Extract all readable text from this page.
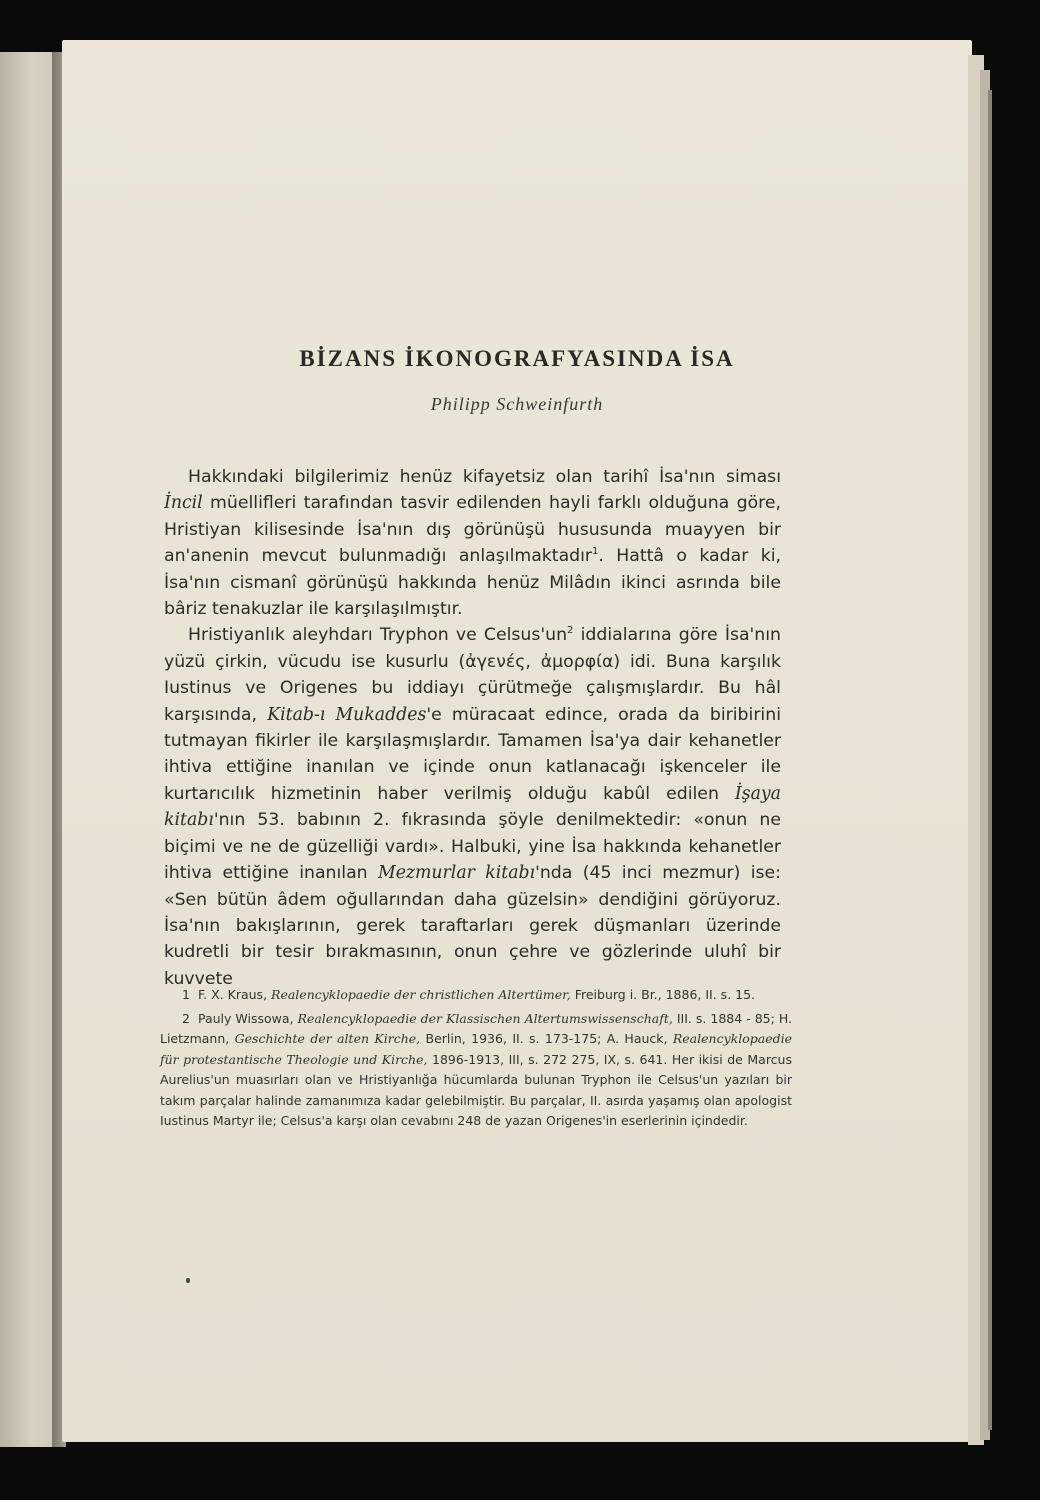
BİZANS İKONOGRAFYASINDA İSA
Philipp Schweinfurth

Hakkındaki bilgilerimiz henüz kifayetsiz olan tarihî İsa'nın siması İncil müellifleri tarafından tasvir edilenden hayli farklı olduğuna göre, Hristiyan kilisesinde İsa'nın dış görünüşü hususunda muayyen bir an'anenin mevcut bulunmadığı anlaşılmaktadır$^1$. Hattâ o kadar ki, İsa'nın cismanî görünüşü hakkında henüz Milâdın ikinci asrında bile bâriz tenakuzlar ile karşılaşılmıştır.

Hristiyanlık aleyhdarı Tryphon ve $Celsus'un^2$ iddialarına göre İsa'nın yüzü çirkin, vücudu ise kusurlu (ἀγενές, ἀμορφία) idi. Buna karşılık Iustinus ve Origenes bu iddiayı çürütmeğe çalışmışlardır. Bu hâl karşısında, Kitab-ı Mukaddes'e müracaat edince, orada da biribirini tutmayan fikirler ile karşılaşmışlardır. Tamamen İsa'ya dair kehanetler ihtiva ettiğine inanılan ve içinde onun katlanacağı işkenceler ile kurtarıcılık hizmetinin haber verilmiş olduğu kabûl edilen İşaya kitabı'nın 53. babının 2. fıkrasında şöyle denilmektedir: «onun ne biçimi ve ne de güzelliği vardı». Halbuki, yine İsa hakkında kehanetler ihtiva ettiğine inanılan Mezmurlar kitabı'nda (45 inci mezmur) ise: «Sen bütün âdem oğullarından daha güzelsin» dendiğini görüyoruz. İsa'nın bakışlarının, gerek taraftarları gerek düşmanları üzerinde kudretli bir tesir bırakmasının, onun çehre ve gözlerinde uluhî bir kuvvete

1 F. X. Kraus, Realencyklopaedie der christlichen Altertümer, Freiburg i. Br., 1886, II. s. 15.

2 Pauly Wissowa, Realencyklopaedie der Klassischen Altertumswissenschaft, III. s. 1884 - 85; H. Lietzmann, Geschichte der alten Kirche, Berlin, 1936, II. s. 173-175; A. Hauck, Realencyklopaedie für protestantische Theologie und Kirche, 1896-1913, III, s. 272 275, IX, s. 641. Her ikisi de Marcus Aurelius'un muasırları olan ve Hristiyanlığa hücumlarda bulunan Tryphon ile Celsus'un yazıları bir takım parçalar halinde zamanımıza kadar gelebilmiştir. Bu parçalar, II. asırda yaşamış olan apologist Iustinus Martyr ile; Celsus'a karşı olan cevabını 248 de yazan Origenes'in eserlerinin içindedir.
